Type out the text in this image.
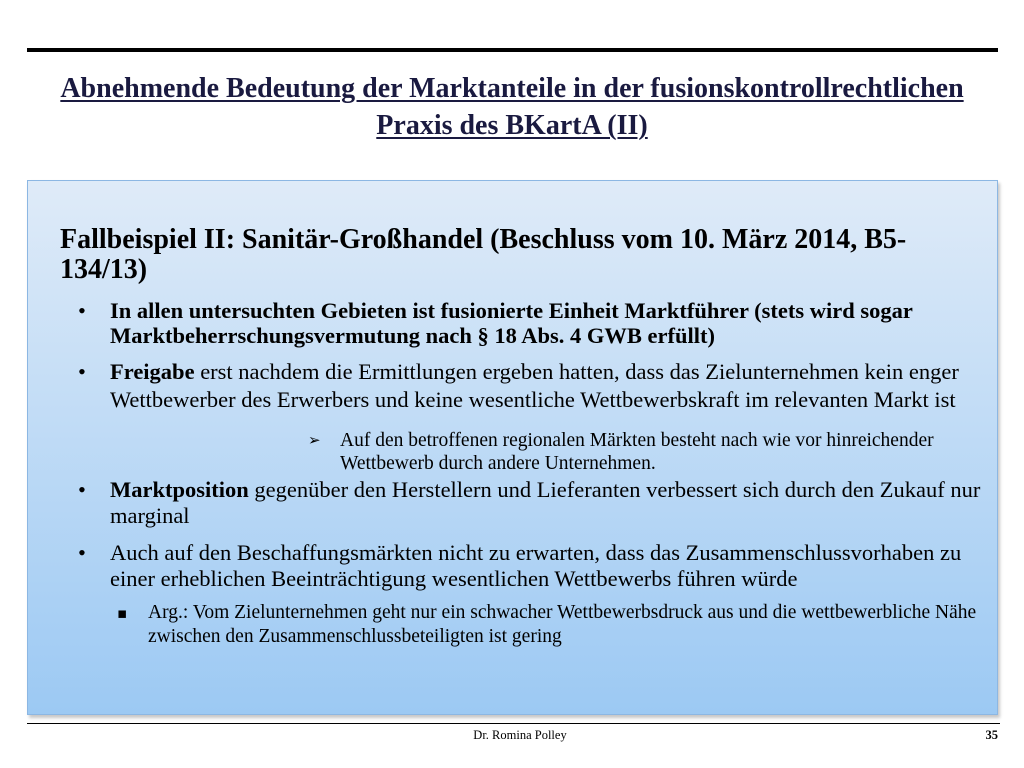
Abnehmende Bedeutung der Marktanteile in der fusionskontrollrechtlichen
Praxis des BKartA (II)
Fallbeispiel II: Sanitär-Großhandel (Beschluss vom 10. März 2014, B5-
134/13)
• In allen untersuchten Gebieten ist fusionierte Einheit Marktführer (stets wird sogar
Marktbeherrschungsvermutung nach § 18 Abs. 4 GWB erfüllt)
• Freigabe erst nachdem die Ermittlungen ergeben hatten, dass das Zielunternehmen kein enger
Wettbewerber des Erwerbers und keine wesentliche Wettbewerbskraft im relevanten Markt ist
➢ Auf den betroffenen regionalen Märkten besteht nach wie vor hinreichender
Wettbewerb durch andere Unternehmen.
• Marktposition gegenüber den Herstellern und Lieferanten verbessert sich durch den Zukauf nur
marginal
• Auch auf den Beschaffungsmärkten nicht zu erwarten, dass das Zusammenschlussvorhaben zu
einer erheblichen Beeinträchtigung wesentlichen Wettbewerbs führen würde
▪ Arg.: Vom Zielunternehmen geht nur ein schwacher Wettbewerbsdruck aus und die wettbewerbliche Nähe
zwischen den Zusammenschlussbeteiligten ist gering
Dr. Romina Polley	35
